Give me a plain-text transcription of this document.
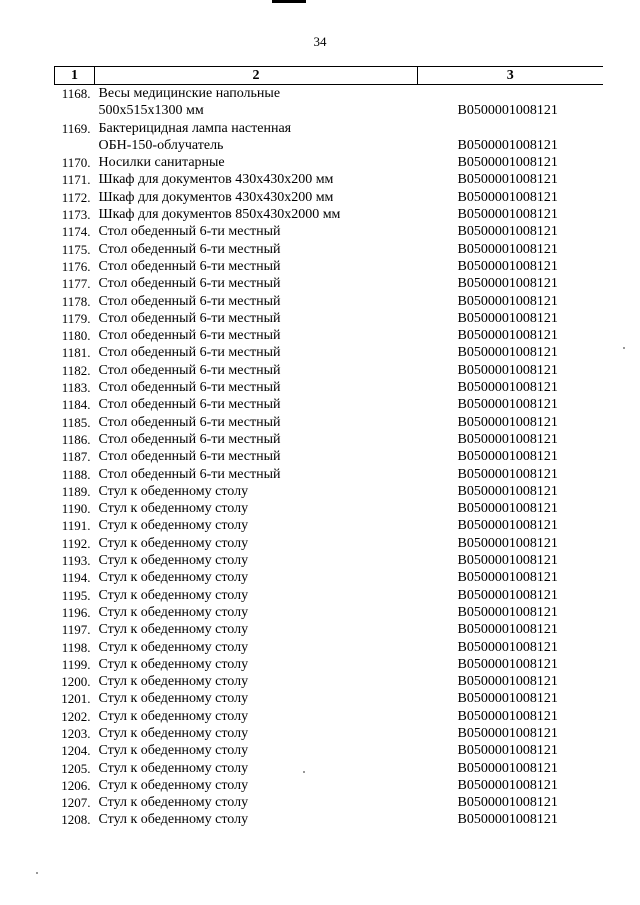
34
1	2	3
1168.	Весы медицинские напольные
500x515x1300 мм	В0500001008121
1169.	Бактерицидная лампа настенная
ОБН-150-облучатель	В0500001008121
1170.	Носилки санитарные	В0500001008121
1171.	Шкаф для документов 430x430x200 мм	В0500001008121
1172.	Шкаф для документов 430x430x200 мм	В0500001008121
1173.	Шкаф для документов 850x430x2000 мм	В0500001008121
1174.	Стол обеденный 6-ти местный	В0500001008121
1175.	Стол обеденный 6-ти местный	В0500001008121
1176.	Стол обеденный 6-ти местный	В0500001008121
1177.	Стол обеденный 6-ти местный	В0500001008121
1178.	Стол обеденный 6-ти местный	В0500001008121
1179.	Стол обеденный 6-ти местный	В0500001008121
1180.	Стол обеденный 6-ти местный	В0500001008121
1181.	Стол обеденный 6-ти местный	В0500001008121
1182.	Стол обеденный 6-ти местный	В0500001008121
1183.	Стол обеденный 6-ти местный	В0500001008121
1184.	Стол обеденный 6-ти местный	В0500001008121
1185.	Стол обеденный 6-ти местный	В0500001008121
1186.	Стол обеденный 6-ти местный	В0500001008121
1187.	Стол обеденный 6-ти местный	В0500001008121
1188.	Стол обеденный 6-ти местный	В0500001008121
1189.	Стул к обеденному столу	В0500001008121
1190.	Стул к обеденному столу	В0500001008121
1191.	Стул к обеденному столу	В0500001008121
1192.	Стул к обеденному столу	В0500001008121
1193.	Стул к обеденному столу	В0500001008121
1194.	Стул к обеденному столу	В0500001008121
1195.	Стул к обеденному столу	В0500001008121
1196.	Стул к обеденному столу	В0500001008121
1197.	Стул к обеденному столу	В0500001008121
1198.	Стул к обеденному столу	В0500001008121
1199.	Стул к обеденному столу	В0500001008121
1200.	Стул к обеденному столу	В0500001008121
1201.	Стул к обеденному столу	В0500001008121
1202.	Стул к обеденному столу	В0500001008121
1203.	Стул к обеденному столу	В0500001008121
1204.	Стул к обеденному столу	В0500001008121
1205.	Стул к обеденному столу	В0500001008121
1206.	Стул к обеденному столу	В0500001008121
1207.	Стул к обеденному столу	В0500001008121
1208.	Стул к обеденному столу	В0500001008121
